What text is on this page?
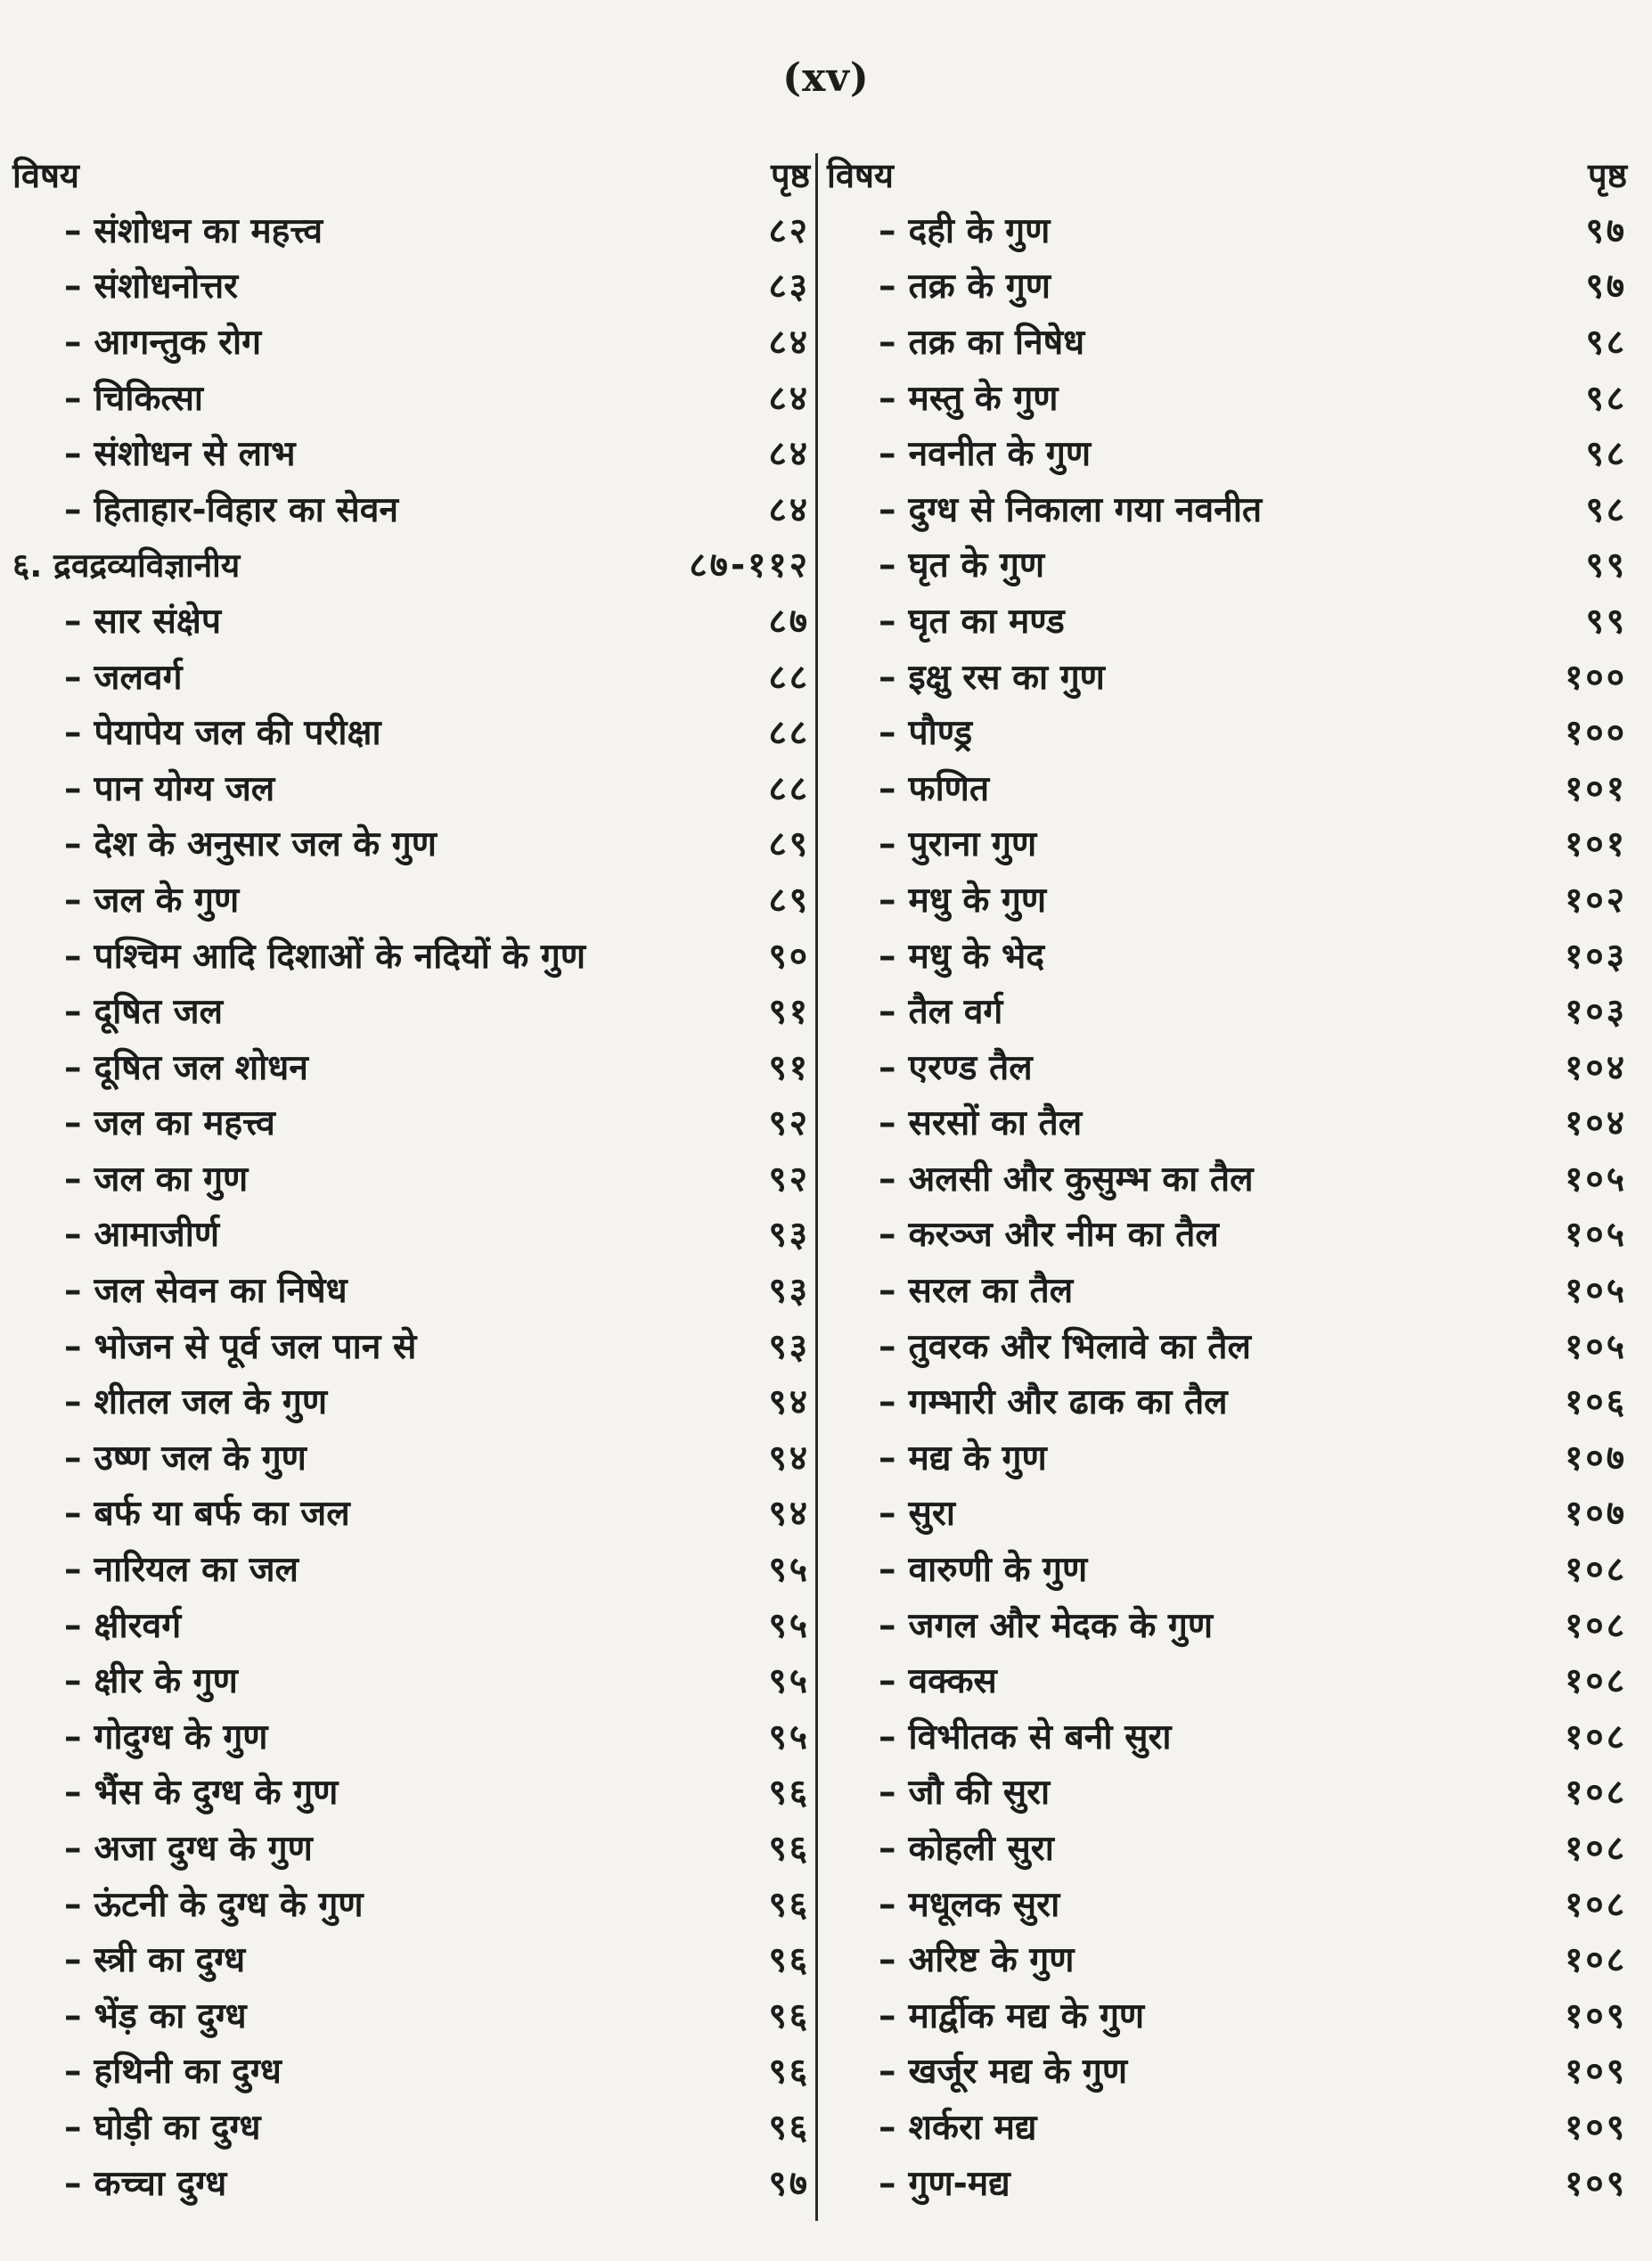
(xv)
विषय	पृष्ठ
– संशोधन का महत्त्व	८२
– संशोधनोत्तर	८३
– आगन्तुक रोग	८४
– चिकित्सा	८४
– संशोधन से लाभ	८४
– हिताहार-विहार का सेवन	८४
६. द्रवद्रव्यविज्ञानीय	८७-११२
– सार संक्षेप	८७
– जलवर्ग	८८
– पेयापेय जल की परीक्षा	८८
– पान योग्य जल	८८
– देश के अनुसार जल के गुण	८९
– जल के गुण	८९
– पश्चिम आदि दिशाओं के नदियों के गुण	९०
– दूषित जल	९१
– दूषित जल शोधन	९१
– जल का महत्त्व	९२
– जल का गुण	९२
– आमाजीर्ण	९३
– जल सेवन का निषेध	९३
– भोजन से पूर्व जल पान से	९३
– शीतल जल के गुण	९४
– उष्ण जल के गुण	९४
– बर्फ या बर्फ का जल	९४
– नारियल का जल	९५
– क्षीरवर्ग	९५
– क्षीर के गुण	९५
– गोदुग्ध के गुण	९५
– भैंस के दुग्ध के गुण	९६
– अजा दुग्ध के गुण	९६
– ऊंटनी के दुग्ध के गुण	९६
– स्त्री का दुग्ध	९६
– भेंड़ का दुग्ध	९६
– हथिनी का दुग्ध	९६
– घोड़ी का दुग्ध	९६
– कच्चा दुग्ध	९७
विषय	पृष्ठ
– दही के गुण	९७
– तक्र के गुण	९७
– तक्र का निषेध	९८
– मस्तु के गुण	९८
– नवनीत के गुण	९८
– दुग्ध से निकाला गया नवनीत	९८
– घृत के गुण	९९
– घृत का मण्ड	९९
– इक्षु रस का गुण	१००
– पौण्ड्र	१००
– फणित	१०१
– पुराना गुण	१०१
– मधु के गुण	१०२
– मधु के भेद	१०३
– तैल वर्ग	१०३
– एरण्ड तैल	१०४
– सरसों का तैल	१०४
– अलसी और कुसुम्भ का तैल	१०५
– करञ्ज और नीम का तैल	१०५
– सरल का तैल	१०५
– तुवरक और भिलावे का तैल	१०५
– गम्भारी और ढाक का तैल	१०६
– मद्य के गुण	१०७
– सुरा	१०७
– वारुणी के गुण	१०८
– जगल और मेदक के गुण	१०८
– वक्कस	१०८
– विभीतक से बनी सुरा	१०८
– जौ की सुरा	१०८
– कोहली सुरा	१०८
– मधूलक सुरा	१०८
– अरिष्ट के गुण	१०८
– मार्द्वीक मद्य के गुण	१०९
– खर्जूर मद्य के गुण	१०९
– शर्करा मद्य	१०९
– गुण-मद्य	१०९
